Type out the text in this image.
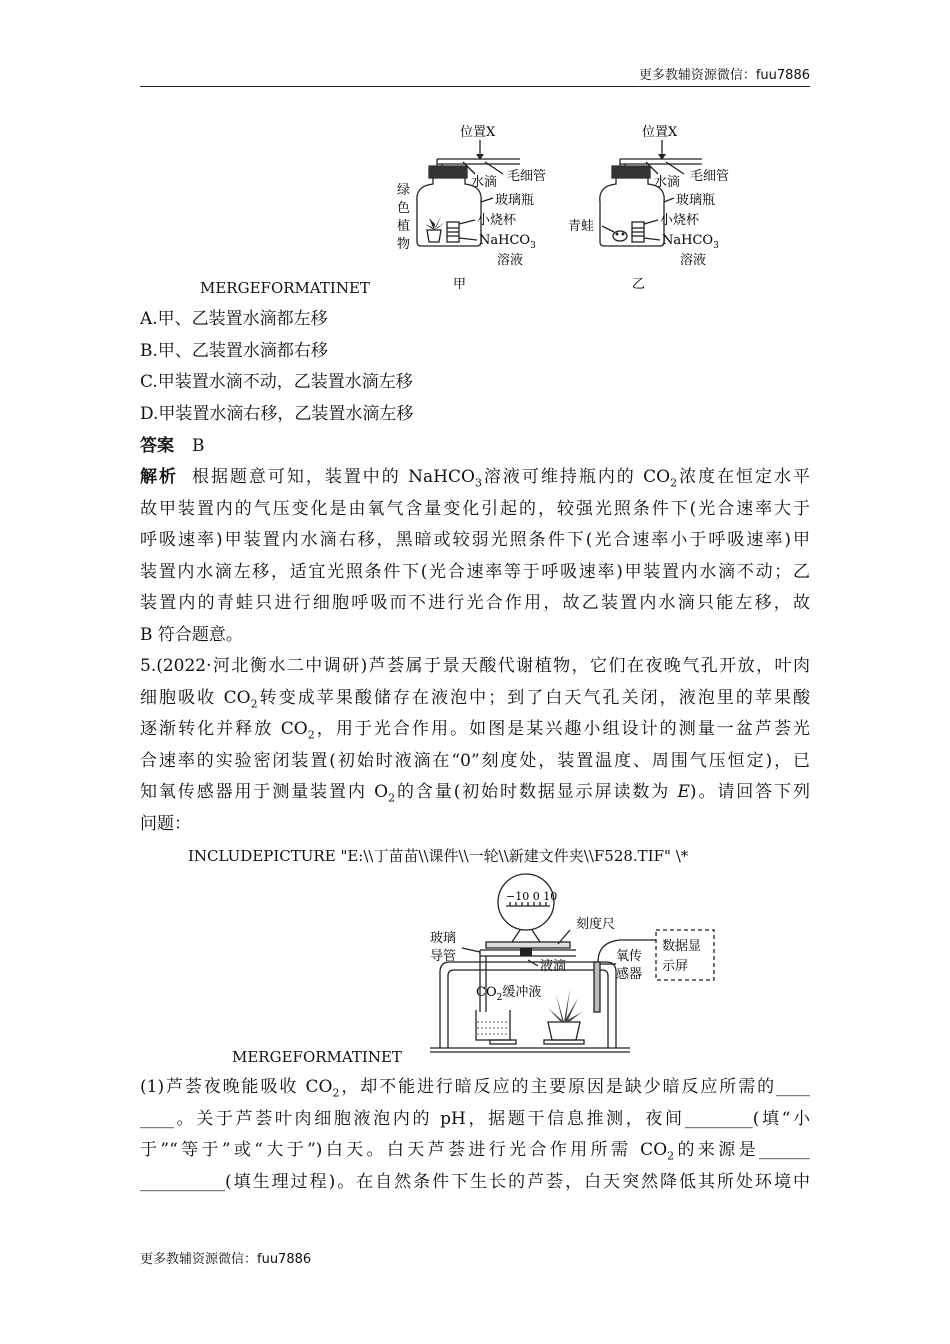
更多教辅资源微信：fuu7886
位置X
水滴 毛细管
玻璃瓶
小烧杯
NaHCO$_3$
溶液
绿
色
植
物
甲
位置X
水滴 毛细管
玻璃瓶
小烧杯
NaHCO$_3$
溶液
青蛙
乙
MERGEFORMATINET
A.甲、乙装置水滴都左移
B.甲、乙装置水滴都右移
C.甲装置水滴不动，乙装置水滴左移
D.甲装置水滴右移，乙装置水滴左移
答案 B
解析 根据题意可知，装置中的 NaHCO$_3$溶液可维持瓶内的 $CO_2$浓度在恒定水平
故甲装置内的气压变化是由氧气含量变化引起的，较强光照条件下(光合速率大于
呼吸速率)甲装置内水滴右移，黑暗或较弱光照条件下(光合速率小于呼吸速率)甲
装置内水滴左移，适宜光照条件下(光合速率等于呼吸速率)甲装置内水滴不动；乙
装置内的青蛙只进行细胞呼吸而不进行光合作用，故乙装置内水滴只能左移，故
B 符合题意。
5.(2022·河北衡水二中调研)芦荟属于景天酸代谢植物，它们在夜晚气孔开放，叶肉
细胞吸收 $CO_2$转变成苹果酸储存在液泡中；到了白天气孔关闭，液泡里的苹果酸
逐渐转化并释放 $CO_2$，用于光合作用。如图是某兴趣小组设计的测量一盆芦荟光
合速率的实验密闭装置(初始时液滴在“0”刻度处，装置温度、周围气压恒定)，已
知氧传感器用于测量装置内 $O_2$的含量(初始时数据显示屏读数为 E)。请回答下列
问题：
INCLUDEPICTURE "E:\\丁苗苗\\课件\\一轮\\新建文件夹\\F528.TIF" \*
−10 0 10
玻璃
导管
刻度尺
液滴
氧传
感器
数据显
示屏
$CO_2$缓冲液
MERGEFORMATINET
(1)芦荟夜晚能吸收 $CO_2$，却不能进行暗反应的主要原因是缺少暗反应所需的____
____。关于芦荟叶肉细胞液泡内的 pH，据题干信息推测，夜间________(填“小
于”“等于”或“大于”)白天。白天芦荟进行光合作用所需 $CO_2$的来源是______
__________(填生理过程)。在自然条件下生长的芦荟，白天突然降低其所处环境中
更多教辅资源微信：fuu7886
